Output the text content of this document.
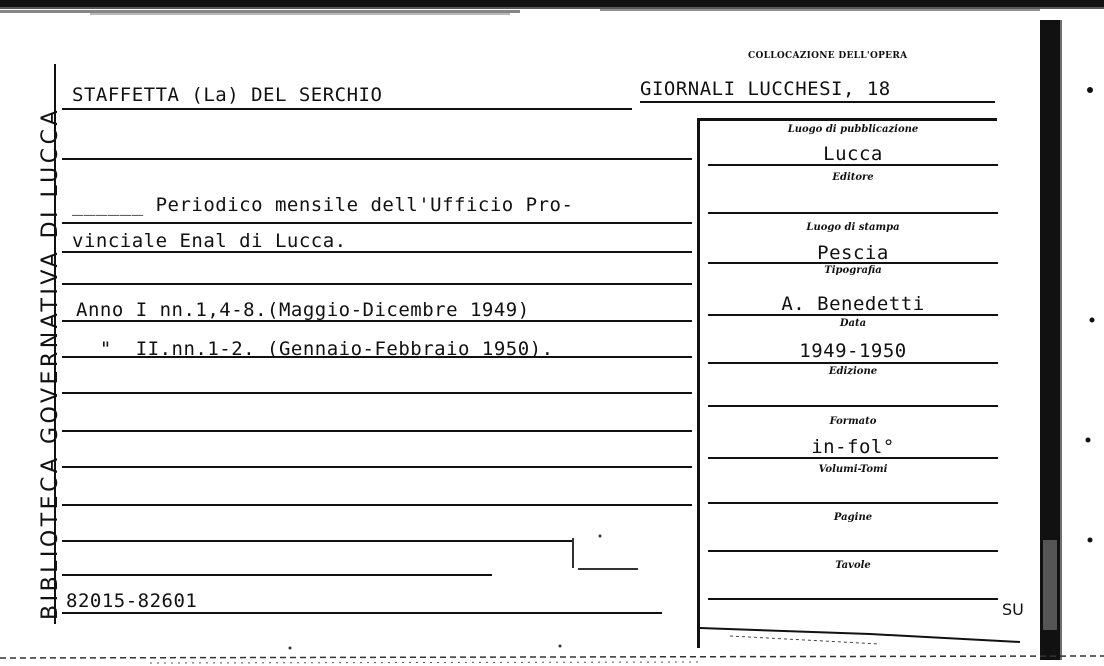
BIBLIOTECA GOVERNATIVA DI LUCCA
COLLOCAZIONE DELL'OPERA
STAFFETTA (La) DEL SERCHIO	GIORNALI LUCCHESI, 18
______ Periodico mensile dell'Ufficio Pro-
vinciale Enal di Lucca.
Anno I nn.1,4-8.(Maggio-Dicembre 1949)
"  II.nn.1-2. (Gennaio-Febbraio 1950).
82015-82601
Luogo di pubblicazione
Lucca
Editore
Luogo di stampa
Pescia
Tipografia
A. Benedetti
Data
1949-1950
Edizione
Formato
in-fol°
Volumi-Tomi
Pagine
Tavole
SU
